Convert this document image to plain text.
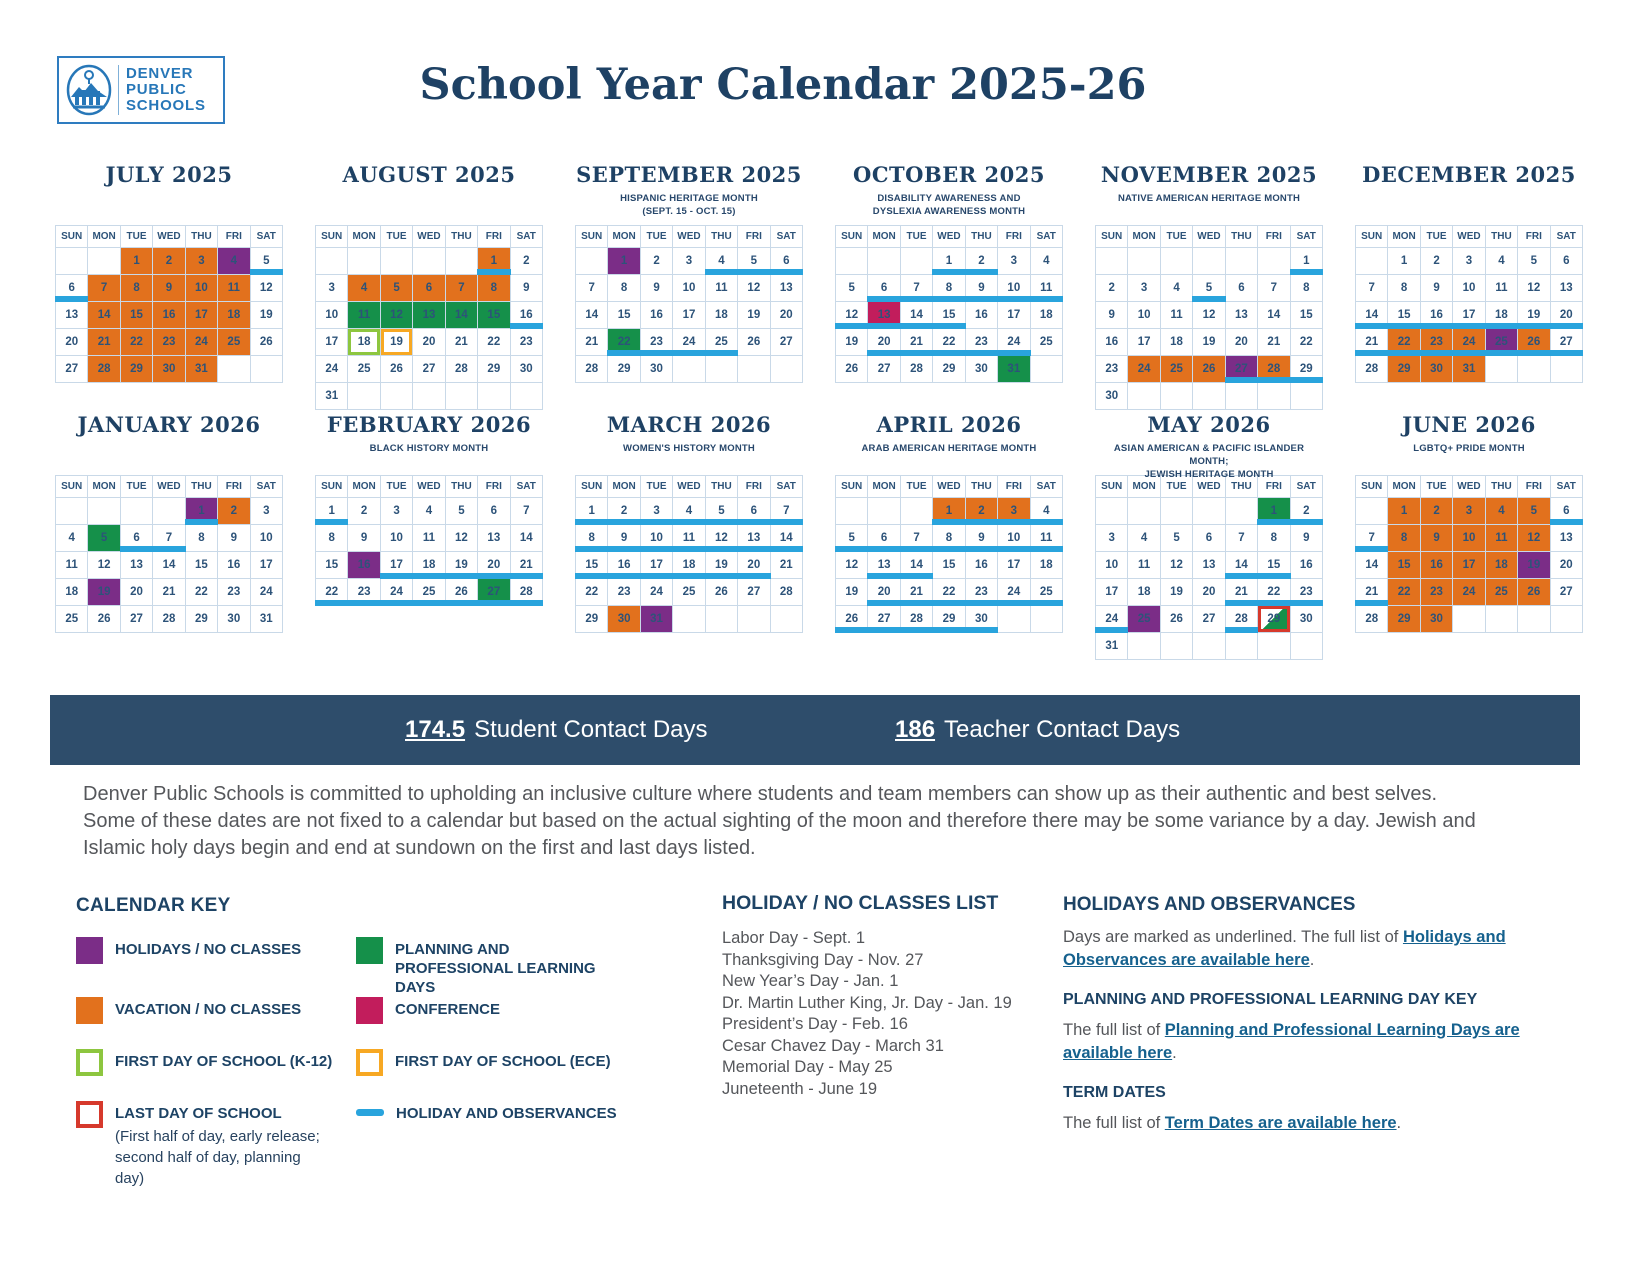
DENVER
PUBLIC
SCHOOLS	School Year Calendar 2025-26
JULY 2025
SUN	MON	TUE	WED	THU	FRI	SAT
		1	2	3	4	5

6	7	8	9	10	11	12
13	14	15	16	17	18	19
20	21	22	23	24	25	26
27	28	29	30	31		
AUGUST 2025
SUN	MON	TUE	WED	THU	FRI	SAT
					1	2
3	4	5	6	7	8	9
10	11	12	13	14	15	16

17	18	19	20	21	22	23
24	25	26	27	28	29	30
31						
SEPTEMBER 2025
HISPANIC HERITAGE MONTH
(SEPT. 15 - OCT. 15)
SUN	MON	TUE	WED	THU	FRI	SAT
	1	2	3	4	5	6

7	8	9	10	11	12	13
14	15	16	17	18	19	20
21	22	23	24	25	26	27
28	29	30				
OCTOBER 2025
DISABILITY AWARENESS AND
DYSLEXIA AWARENESS MONTH
SUN	MON	TUE	WED	THU	FRI	SAT
			1	2	3	4
5	6	7	8	9	10	11

12	13	14	15	16	17	18
19	20	21	22	23	24	25
26	27	28	29	30	31	
NOVEMBER 2025
NATIVE AMERICAN HERITAGE MONTH
SUN	MON	TUE	WED	THU	FRI	SAT
						1

2	3	4	5	6	7	8
9	10	11	12	13	14	15
16	17	18	19	20	21	22
23	24	25	26	27	28	29

30						
DECEMBER 2025
SUN	MON	TUE	WED	THU	FRI	SAT
	1	2	3	4	5	6
7	8	9	10	11	12	13
14	15	16	17	18	19	20

21	22	23	24	25	26	27

28	29	30	31			
JANUARY 2026
SUN	MON	TUE	WED	THU	FRI	SAT
				1	2	3
4	5	6	7	8	9	10
11	12	13	14	15	16	17
18	19	20	21	22	23	24
25	26	27	28	29	30	31
FEBRUARY 2026
BLACK HISTORY MONTH
SUN	MON	TUE	WED	THU	FRI	SAT
1	2	3	4	5	6	7
8	9	10	11	12	13	14
15	16	17	18	19	20	21

22	23	24	25	26	27	28
MARCH 2026
WOMEN'S HISTORY MONTH
SUN	MON	TUE	WED	THU	FRI	SAT
1	2	3	4	5	6	7

8	9	10	11	12	13	14

15	16	17	18	19	20	21
22	23	24	25	26	27	28
29	30	31				
APRIL 2026
ARAB AMERICAN HERITAGE MONTH
SUN	MON	TUE	WED	THU	FRI	SAT
			1	2	3	4

5	6	7	8	9	10	11

12	13	14	15	16	17	18
19	20	21	22	23	24	25

26	27	28	29	30

MAY 2026
ASIAN AMERICAN & PACIFIC ISLANDER MONTH;
JEWISH HERITAGE MONTH
SUN	MON	TUE	WED	THU	FRI	SAT
					1	2

3	4	5	6	7	8	9
10	11	12	13	14	15	16
17	18	19	20	21	22	23

24	25	26	27	28	29	30
31						
JUNE 2026
LGBTQ+ PRIDE MONTH
SUN	MON	TUE	WED	THU	FRI	SAT
	1	2	3	4	5	6

7	8	9	10	11	12	13
14	15	16	17	18	19	20
21	22	23	24	25	26	27
28	29	30				
174.5 Student Contact Days	186 Teacher Contact Days
Denver Public Schools is committed to upholding an inclusive culture where students and team members can show up as their authentic and best selves. Some of these dates are not fixed to a calendar but based on the actual sighting of the moon and therefore there may be some variance by a day. Jewish and Islamic holy days begin and end at sundown on the first and last days listed.
CALENDAR KEY
HOLIDAYS / NO CLASSES	PLANNING AND PROFESSIONAL LEARNING DAYS
VACATION / NO CLASSES	CONFERENCE
FIRST DAY OF SCHOOL (K-12)	FIRST DAY OF SCHOOL (ECE)
LAST DAY OF SCHOOL
(First half of day, early release; second half of day, planning day)
HOLIDAY AND OBSERVANCES
HOLIDAY / NO CLASSES LIST
Labor Day - Sept. 1
Thanksgiving Day - Nov. 27
New Year’s Day - Jan. 1
Dr. Martin Luther King, Jr. Day - Jan. 19
President’s Day - Feb. 16
Cesar Chavez Day - March 31
Memorial Day - May 25
Juneteenth - June 19
HOLIDAYS AND OBSERVANCES
Days are marked as underlined. The full list of Holidays and Observances are available here.
PLANNING AND PROFESSIONAL LEARNING DAY KEY
The full list of Planning and Professional Learning Days are available here.
TERM DATES
The full list of Term Dates are available here.
